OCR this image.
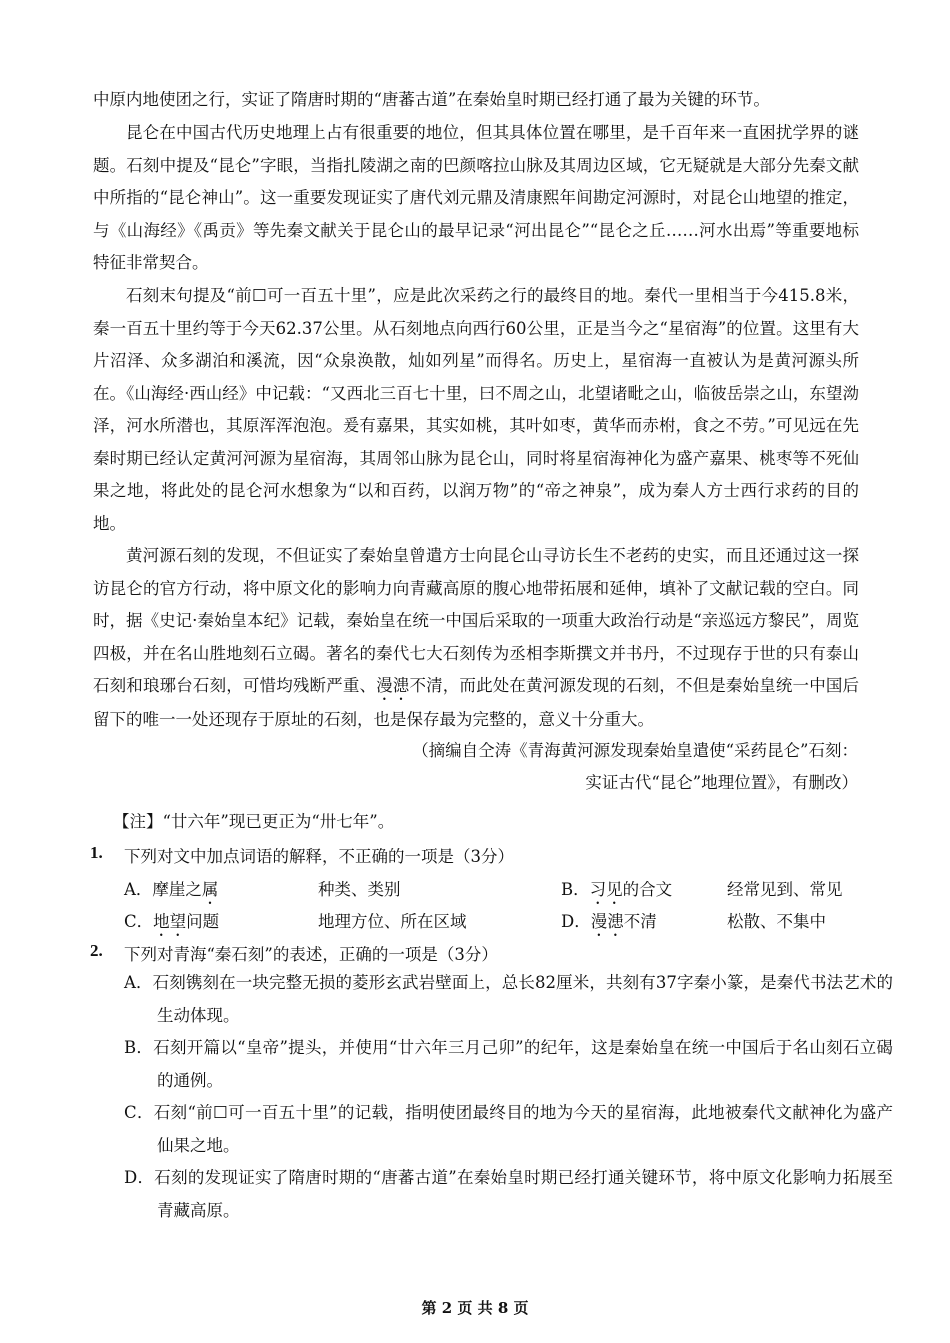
中原内地使团之行，实证了隋唐时期的“唐蕃古道”在秦始皇时期已经打通了最为关键的环节。

昆仑在中国古代历史地理上占有很重要的地位，但其具体位置在哪里，是千百年来一直困扰学界的谜题。石刻中提及“昆仑”字眼，当指扎陵湖之南的巴颜喀拉山脉及其周边区域，它无疑就是大部分先秦文献中所指的“昆仑神山”。这一重要发现证实了唐代刘元鼎及清康熙年间勘定河源时，对昆仑山地望的推定，与《山海经》《禹贡》等先秦文献关于昆仑山的最早记录“河出昆仑”“昆仑之丘……河水出焉”等重要地标特征非常契合。

石刻末句提及“前☐可一百五十里”，应是此次采药之行的最终目的地。秦代一里相当于今415.8米，秦一百五十里约等于今天62.37公里。从石刻地点向西行60公里，正是当今之“星宿海”的位置。这里有大片沼泽、众多湖泊和溪流，因“众泉涣散，灿如列星”而得名。历史上，星宿海一直被认为是黄河源头所在。《山海经·西山经》中记载：“又西北三百七十里，曰不周之山，北望诸毗之山，临彼岳崇之山，东望泑泽，河水所潜也，其原浑浑泡泡。爰有嘉果，其实如桃，其叶如枣，黄华而赤柎，食之不劳。”可见远在先秦时期已经认定黄河河源为星宿海，其周邻山脉为昆仑山，同时将星宿海神化为盛产嘉果、桃枣等不死仙果之地，将此处的昆仑河水想象为“以和百药，以润万物”的“帝之神泉”，成为秦人方士西行求药的目的地。

黄河源石刻的发现，不但证实了秦始皇曾遣方士向昆仑山寻访长生不老药的史实，而且还通过这一探访昆仑的官方行动，将中原文化的影响力向青藏高原的腹心地带拓展和延伸，填补了文献记载的空白。同时，据《史记·秦始皇本纪》记载，秦始皇在统一中国后采取的一项重大政治行动是“亲巡远方黎民”，周览四极，并在名山胜地刻石立碣。著名的秦代七大石刻传为丞相李斯撰文并书丹，不过现存于世的只有泰山石刻和琅琊台石刻，可惜均残断严重、漫漶不清，而此处在黄河源发现的石刻，不但是秦始皇统一中国后留下的唯一一处还现存于原址的石刻，也是保存最为完整的，意义十分重大。

（摘编自仝涛《青海黄河源发现秦始皇遣使“采药昆仑”石刻：
实证古代“昆仑”地理位置》，有删改）
【注】“廿六年”现已更正为“卅七年”。
1. 下列对文中加点词语的解释，不正确的一项是（3分）
A．摩崖之属	种类、类别	B．习见的合文	经常见到、常见
C．地望问题	地理方位、所在区域	D．漫漶不清	松散、不集中
2. 下列对青海“秦石刻”的表述，正确的一项是（3分）

A．石刻镌刻在一块完整无损的菱形玄武岩壁面上，总长82厘米，共刻有37字秦小篆，是秦代书法艺术的生动体现。

B．石刻开篇以“皇帝”提头，并使用“廿六年三月己卯”的纪年，这是秦始皇在统一中国后于名山刻石立碣的通例。

C．石刻“前☐可一百五十里”的记载，指明使团最终目的地为今天的星宿海，此地被秦代文献神化为盛产仙果之地。

D．石刻的发现证实了隋唐时期的“唐蕃古道”在秦始皇时期已经打通关键环节，将中原文化影响力拓展至青藏高原。

第 2 页 共 8 页
